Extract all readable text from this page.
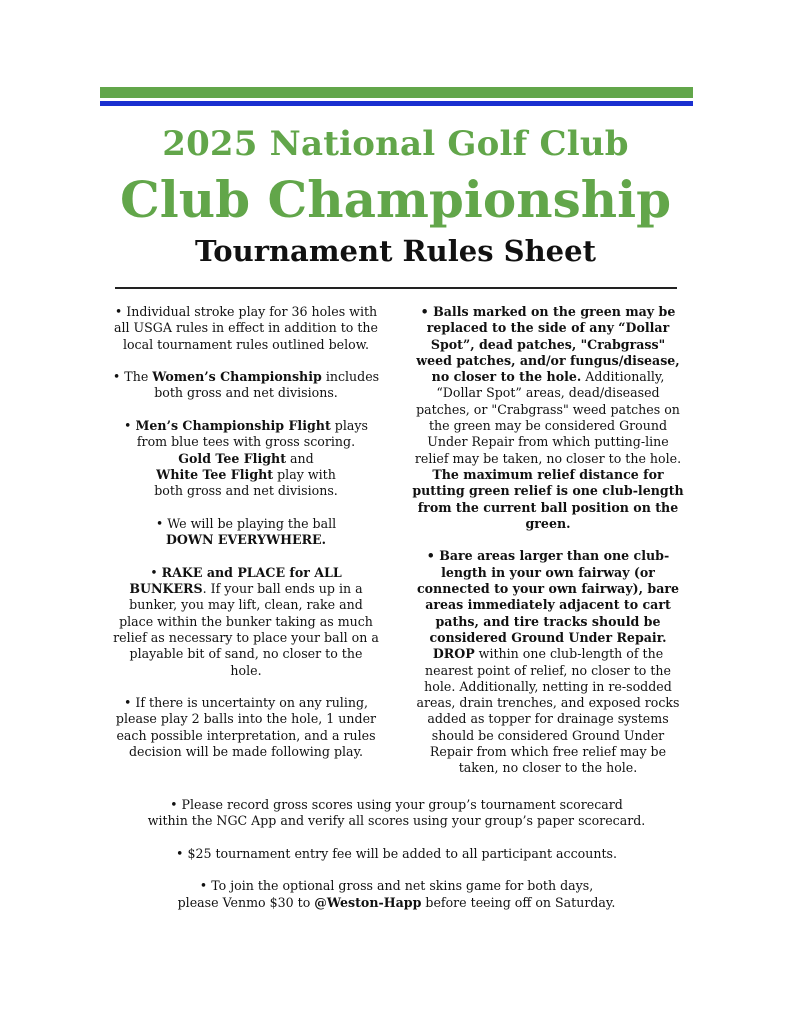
2025 National Golf Club
Club Championship
Tournament Rules Sheet

• Individual stroke play for 36 holes with all USGA rules in effect in addition to the local tournament rules outlined below.

• The Women’s Championship includes both gross and net divisions.

• Men’s Championship Flight plays from blue tees with gross scoring.
Gold Tee Flight and
White Tee Flight play with
both gross and net divisions.

• We will be playing the ball
DOWN EVERYWHERE.

• RAKE and PLACE for ALL BUNKERS. If your ball ends up in a bunker, you may lift, clean, rake and place within the bunker taking as much relief as necessary to place your ball on a playable bit of sand, no closer to the hole.

• If there is uncertainty on any ruling, please play 2 balls into the hole, 1 under each possible interpretation, and a rules decision will be made following play.

• Balls marked on the green may be replaced to the side of any “Dollar Spot”, dead patches, "Crabgrass" weed patches, and/or fungus/disease, no closer to the hole. Additionally, “Dollar Spot” areas, dead/diseased patches, or "Crabgrass" weed patches on the green may be considered Ground Under Repair from which putting-line relief may be taken, no closer to the hole. The maximum relief distance for putting green relief is one club-length from the current ball position on the green.

• Bare areas larger than one club-length in your own fairway (or connected to your own fairway), bare areas immediately adjacent to cart paths, and tire tracks should be considered Ground Under Repair.
DROP within one club-length of the nearest point of relief, no closer to the hole. Additionally, netting in re-sodded areas, drain trenches, and exposed rocks added as topper for drainage systems should be considered Ground Under Repair from which free relief may be taken, no closer to the hole.

• Please record gross scores using your group’s tournament scorecard
within the NGC App and verify all scores using your group’s paper scorecard.

• $25 tournament entry fee will be added to all participant accounts.

• To join the optional gross and net skins game for both days,
please Venmo $30 to @Weston-Happ before teeing off on Saturday.
